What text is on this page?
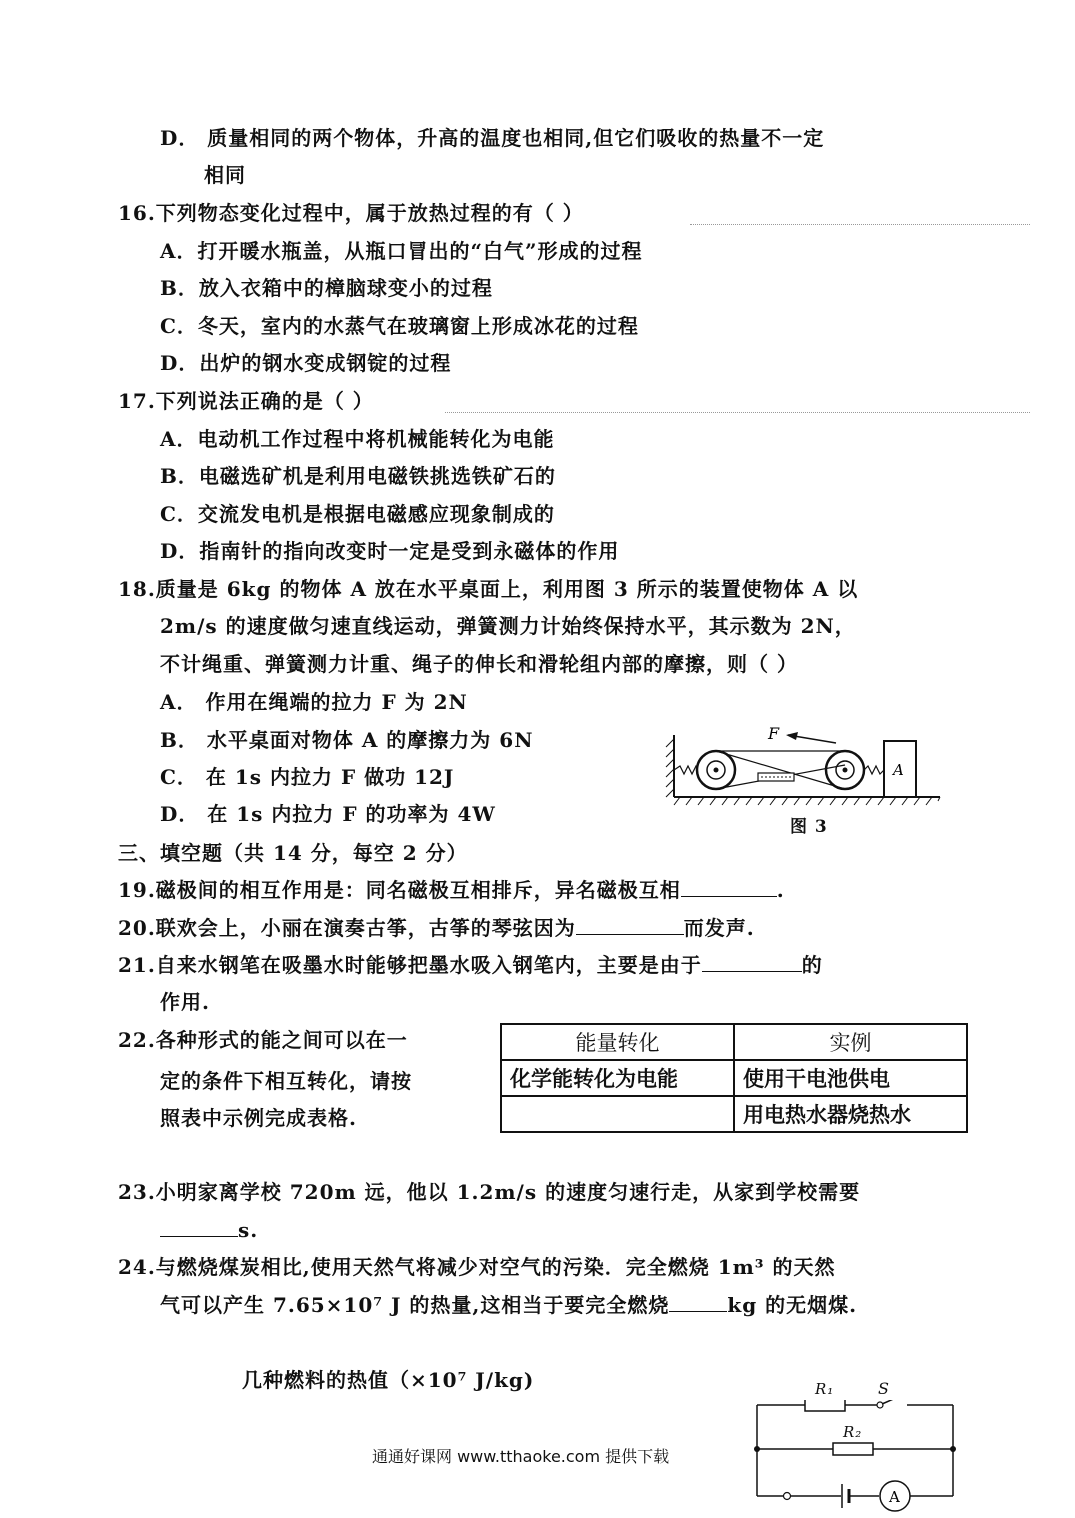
D． 质量相同的两个物体，升高的温度也相同,但它们吸收的热量不一定
相同
16.下列物态变化过程中，属于放热过程的有（ ）
A．打开暖水瓶盖，从瓶口冒出的“白气”形成的过程
B．放入衣箱中的樟脑球变小的过程
C．冬天，室内的水蒸气在玻璃窗上形成冰花的过程
D．出炉的钢水变成钢锭的过程
17.下列说法正确的是（ ）
A．电动机工作过程中将机械能转化为电能
B．电磁选矿机是利用电磁铁挑选铁矿石的
C．交流发电机是根据电磁感应现象制成的
D．指南针的指向改变时一定是受到永磁体的作用
18.质量是 6kg 的物体 A 放在水平桌面上，利用图 3 所示的装置使物体 A 以
2m/s 的速度做匀速直线运动，弹簧测力计始终保持水平，其示数为 2N，
不计绳重、弹簧测力计重、绳子的伸长和滑轮组内部的摩擦，则（ ）
A． 作用在绳端的拉力 F 为 2N
B． 水平桌面对物体 A 的摩擦力为 6N
C． 在 1s 内拉力 F 做功 12J
D． 在 1s 内拉力 F 的功率为 4W
F
A
图 3
三、填空题（共 14 分，每空 2 分）
19.磁极间的相互作用是：同名磁极互相排斥，异名磁极互相	.
20.联欢会上，小丽在演奏古筝，古筝的琴弦因为	而发声.
21.自来水钢笔在吸墨水时能够把墨水吸入钢笔内，主要是由于	的
作用.
22.各种形式的能之间可以在一
定的条件下相互转化，请按
照表中示例完成表格.
能量转化	实例
化学能转化为电能	使用干电池供电
	用电热水器烧热水
23.小明家离学校 720m 远，他以 1.2m/s 的速度匀速行走，从家到学校需要
s.
24.与燃烧煤炭相比,使用天然气将减少对空气的污染．完全燃烧 1m³ 的天然
气可以产生 7.65×10⁷ J 的热量,这相当于要完全燃烧	kg 的无烟煤.
几种燃料的热值（×10⁷ J/kg)
A
R₁	S
R₂
通通好课网 www.tthaoke.com 提供下载
